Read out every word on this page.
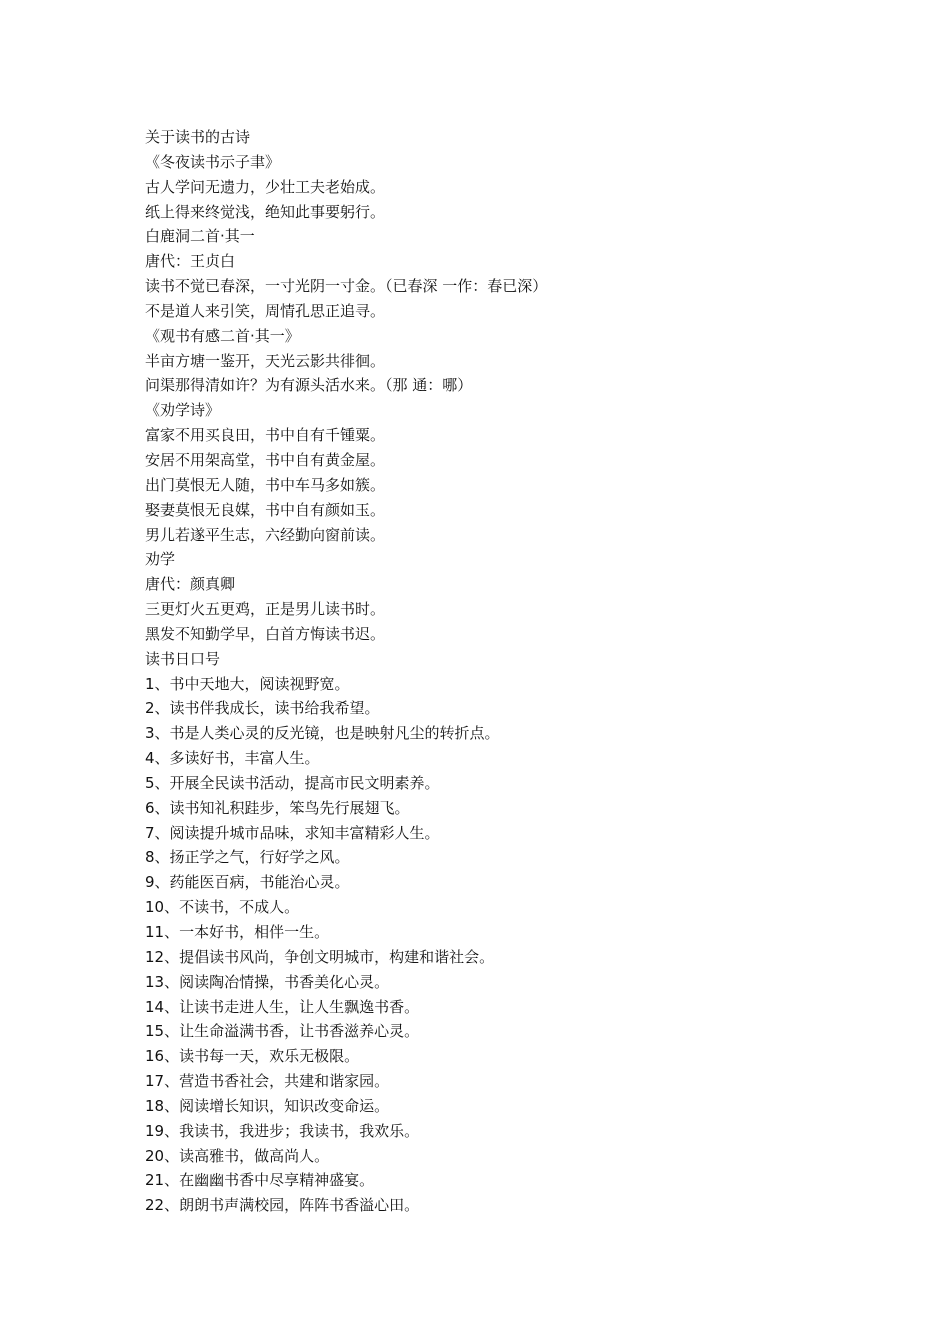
关于读书的古诗
《冬夜读书示子聿》
古人学问无遗力，少壮工夫老始成。
纸上得来终觉浅，绝知此事要躬行。
白鹿洞二首·其一
唐代：王贞白
读书不觉已春深，一寸光阴一寸金。（已春深 一作：春已深）
不是道人来引笑，周情孔思正追寻。
《观书有感二首·其一》
半亩方塘一鉴开，天光云影共徘徊。
问渠那得清如许？为有源头活水来。（那 通：哪）
《劝学诗》
富家不用买良田，书中自有千锺粟。
安居不用架高堂，书中自有黄金屋。
出门莫恨无人随，书中车马多如簇。
娶妻莫恨无良媒，书中自有颜如玉。
男儿若遂平生志，六经勤向窗前读。
劝学
唐代：颜真卿
三更灯火五更鸡，正是男儿读书时。
黑发不知勤学早，白首方悔读书迟。
读书日口号
1、书中天地大，阅读视野宽。
2、读书伴我成长，读书给我希望。
3、书是人类心灵的反光镜，也是映射凡尘的转折点。
4、多读好书，丰富人生。
5、开展全民读书活动，提高市民文明素养。
6、读书知礼积跬步，笨鸟先行展翅飞。
7、阅读提升城市品味，求知丰富精彩人生。
8、扬正学之气，行好学之风。
9、药能医百病，书能治心灵。
10、不读书，不成人。
11、一本好书，相伴一生。
12、提倡读书风尚，争创文明城市，构建和谐社会。
13、阅读陶冶情操，书香美化心灵。
14、让读书走进人生，让人生飘逸书香。
15、让生命溢满书香，让书香滋养心灵。
16、读书每一天，欢乐无极限。
17、营造书香社会，共建和谐家园。
18、阅读增长知识，知识改变命运。
19、我读书，我进步；我读书，我欢乐。
20、读高雅书，做高尚人。
21、在幽幽书香中尽享精神盛宴。
22、朗朗书声满校园，阵阵书香溢心田。
